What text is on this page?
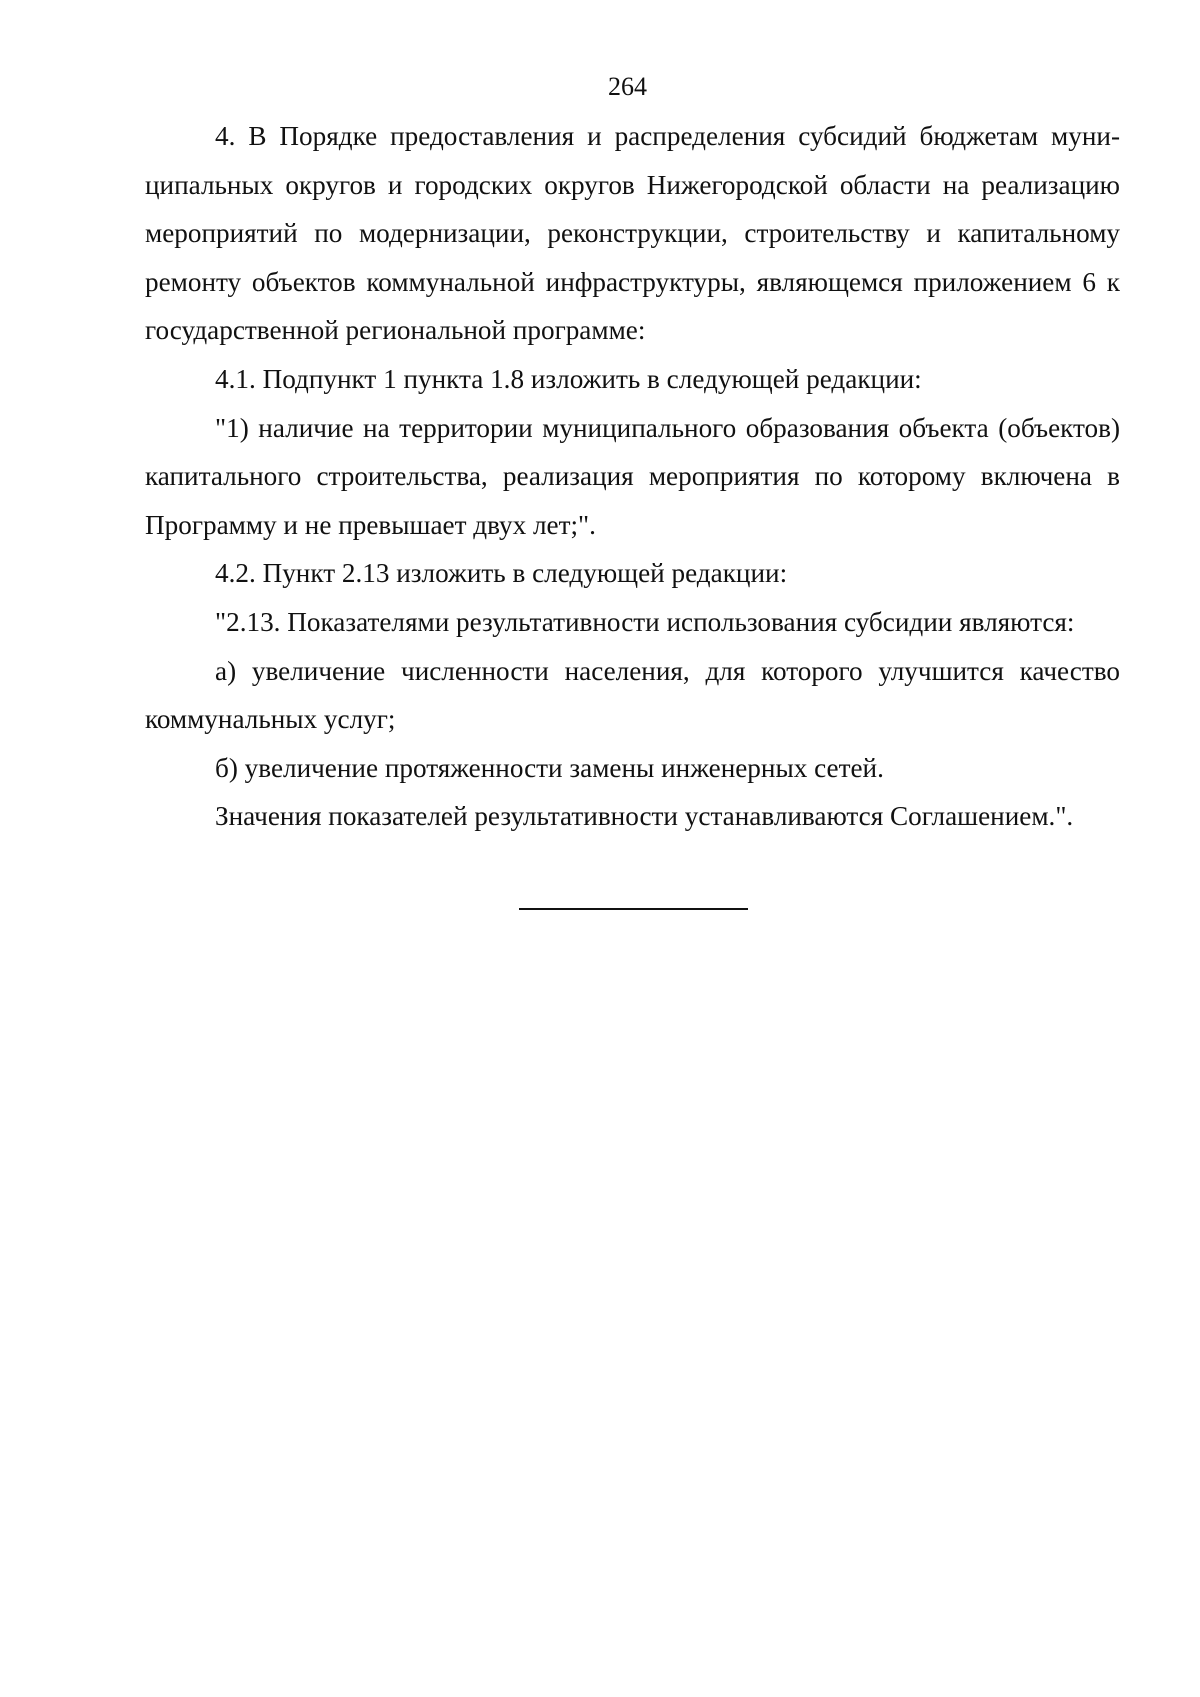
264

4. В Порядке предоставления и распределения субсидий бюджетам муниципальных округов и городских округов Нижегородской области на реализацию мероприятий по модернизации, реконструкции, строительству и капитальному ремонту объектов коммунальной инфраструктуры, являющемся приложением 6 к государственной региональной программе:

4.1. Подпункт 1 пункта 1.8 изложить в следующей редакции:

"1) наличие на территории муниципального образования объекта (объектов) капитального строительства, реализация мероприятия по которому включена в Программу и не превышает двух лет;".

4.2. Пункт 2.13 изложить в следующей редакции:

"2.13. Показателями результативности использования субсидии являются:

а) увеличение численности населения, для которого улучшится качество коммунальных услуг;

б) увеличение протяженности замены инженерных сетей.

Значения показателей результативности устанавливаются Соглашением.".
